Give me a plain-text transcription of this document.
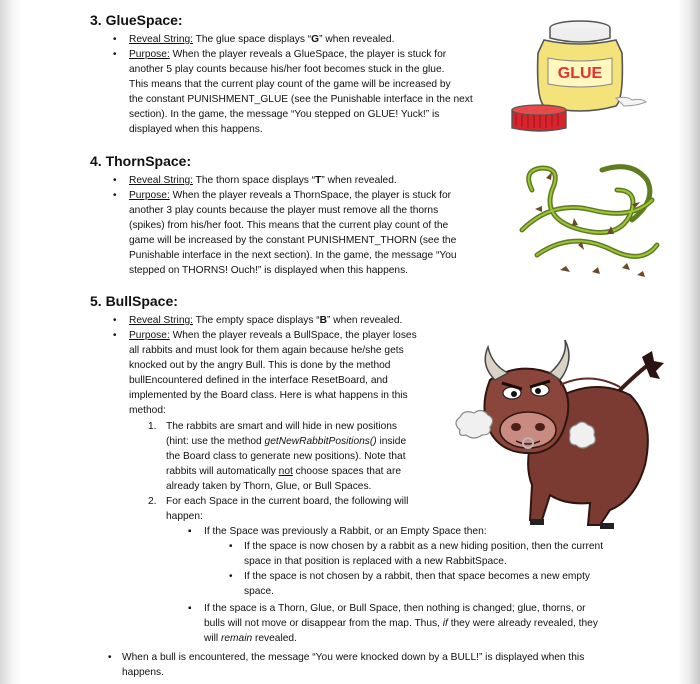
3. GlueSpace:
• Reveal String: The glue space displays “G” when revealed.
• Purpose: When the player reveals a GlueSpace, the player is stuck for
another 5 play counts because his/her foot becomes stuck in the glue.
This means that the current play count of the game will be increased by
the constant PUNISHMENT_GLUE (see the Punishable interface in the next
section). In the game, the message “You stepped on GLUE! Yuck!” is
displayed when this happens.
GLUE
4. ThornSpace:
• Reveal String: The thorn space displays “T” when revealed.
• Purpose: When the player reveals a ThornSpace, the player is stuck for
another 3 play counts because the player must remove all the thorns
(spikes) from his/her foot. This means that the current play count of the
game will be increased by the constant PUNISHMENT_THORN (see the
Punishable interface in the next section). In the game, the message “You
stepped on THORNS! Ouch!” is displayed when this happens.
5. BullSpace:
• Reveal String: The empty space displays “B” when revealed.
• Purpose: When the player reveals a BullSpace, the player loses
all rabbits and must look for them again because he/she gets
knocked out by the angry Bull. This is done by the method
bullEncountered defined in the interface ResetBoard, and
implemented by the Board class. Here is what happens in this
method:
1. The rabbits are smart and will hide in new positions
(hint: use the method getNewRabbitPositions() inside
the Board class to generate new positions). Note that
rabbits will automatically not choose spaces that are
already taken by Thorn, Glue, or Bull Spaces.
2. For each Space in the current board, the following will
happen:
▪ If the Space was previously a Rabbit, or an Empty Space then:
• If the space is now chosen by a rabbit as a new hiding position, then the current
space in that position is replaced with a new RabbitSpace.
• If the space is not chosen by a rabbit, then that space becomes a new empty
space.
▪ If the space is a Thorn, Glue, or Bull Space, then nothing is changed; glue, thorns, or
bulls will not move or disappear from the map. Thus, if they were already revealed, they
will remain revealed.
• When a bull is encountered, the message “You were knocked down by a BULL!” is displayed when this
happens.
